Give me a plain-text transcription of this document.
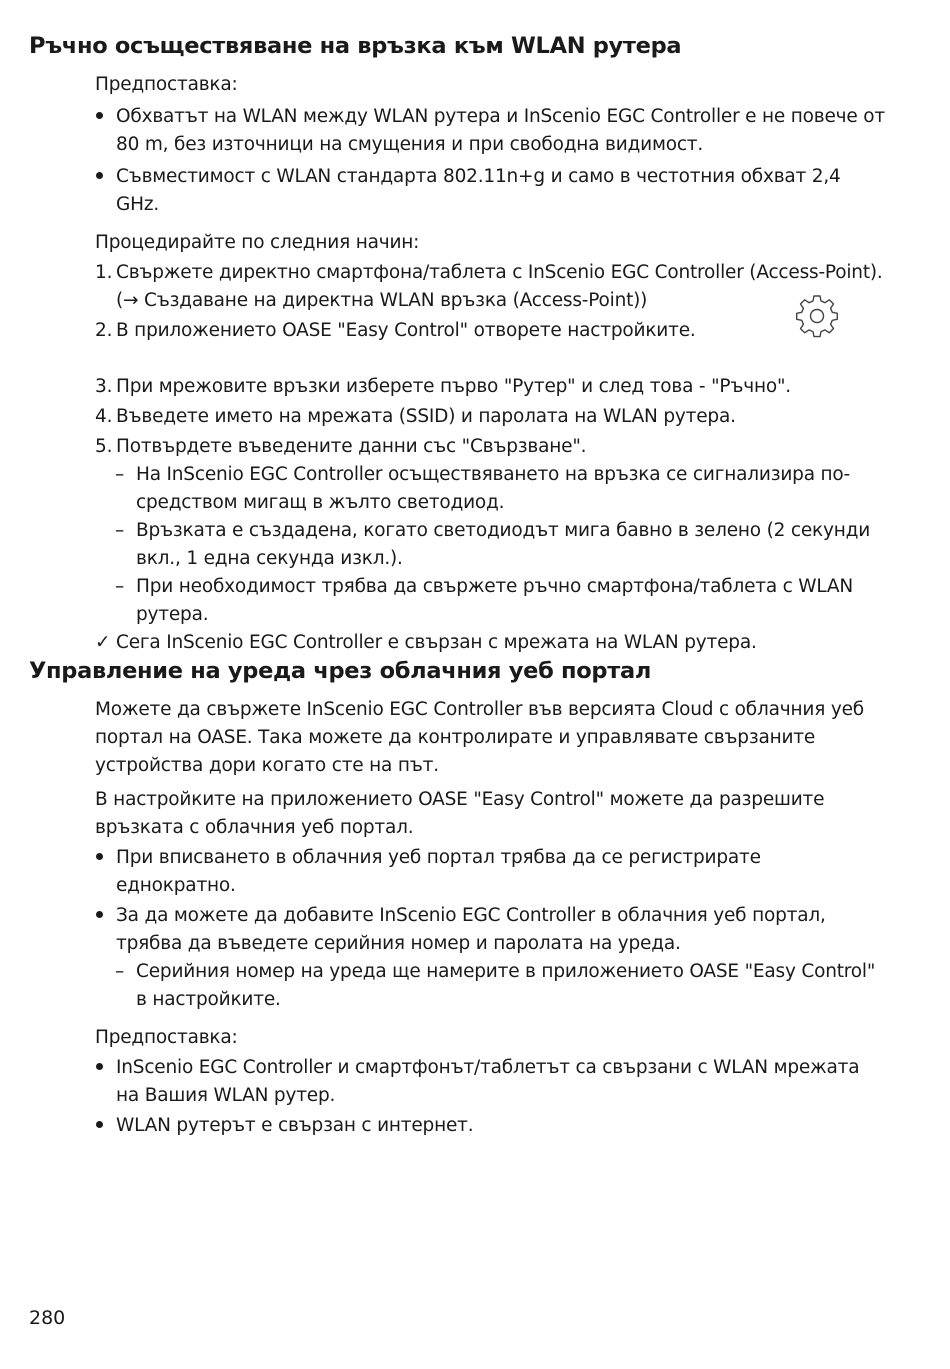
Ръчно осъществяване на връзка към WLAN рутера

Предпоставка:

Обхватът на WLAN между WLAN рутера и InScenio EGC Controller е не повече от 80 m, без източници на смущения и при свободна видимост.
Съвместимост с WLAN стандарта 802.11n+g и само в честотния обхват 2,4 GHz.

Процедирайте по следния начин:

1. Свържете директно смартфона/таблета с InScenio EGC Controller (Access-Point).
(→ Създаване на директна WLAN връзка (Access-Point))
2. В приложението OASE "Easy Control" отворете настройките.
3. При мрежовите връзки изберете първо "Рутер" и след това - "Ръчно".
4. Въведете името на мрежата (SSID) и паролата на WLAN рутера.
5. Потвърдете въведените данни със "Свързване".
– На InScenio EGC Controller осъществяването на връзка се сигнализира посредством мигащ в жълто светодиод.
– Връзката е създадена, когато светодиодът мига бавно в зелено (2 секунди вкл., 1 една секунда изкл.).
– При необходимост трябва да свържете ръчно смартфона/таблета с WLAN рутера.

✓ Сега InScenio EGC Controller е свързан с мрежата на WLAN рутера.

Управление на уреда чрез облачния уеб портал

Можете да свържете InScenio EGC Controller във версията Cloud с облачния уеб портал на OASE. Така можете да контролирате и управлявате свързаните устройства дори когато сте на път.

В настройките на приложението OASE "Easy Control" можете да разрешите връзката с облачния уеб портал.

При вписването в облачния уеб портал трябва да се регистрирате еднократно.
За да можете да добавите InScenio EGC Controller в облачния уеб портал, трябва да въведете серийния номер и паролата на уреда.
– Серийния номер на уреда ще намерите в приложението OASE "Easy Control" в настройките.

Предпоставка:

InScenio EGC Controller и смартфонът/таблетът са свързани с WLAN мрежата на Вашия WLAN рутер.
WLAN рутерът е свързан с интернет.
280
